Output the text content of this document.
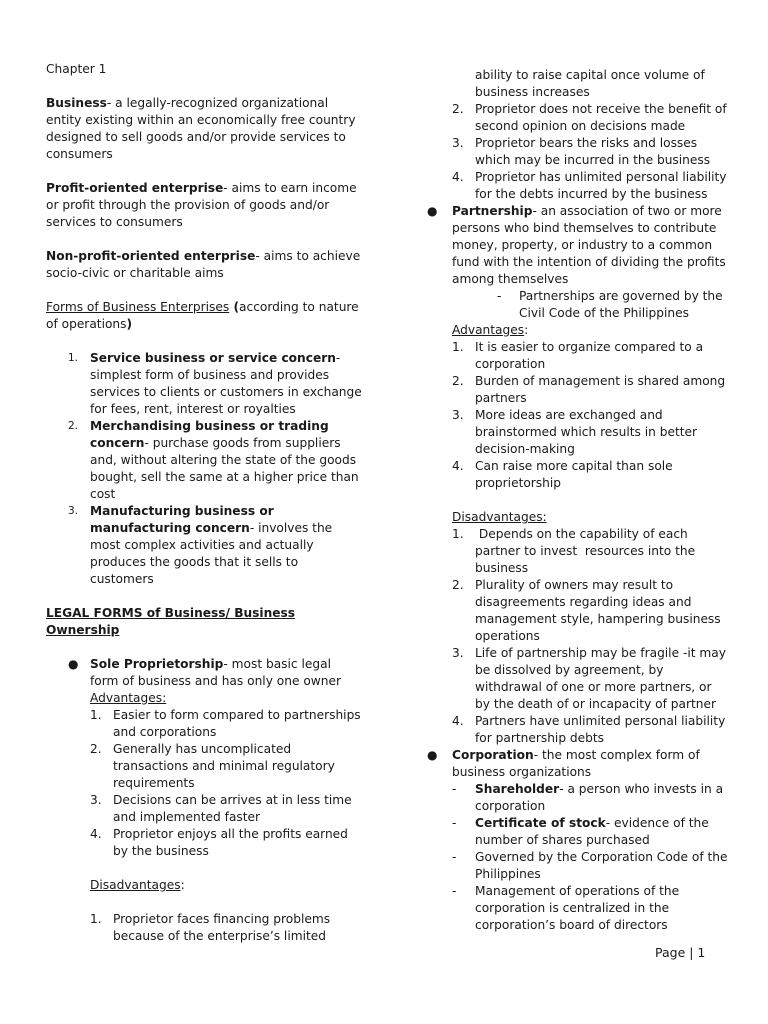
Chapter 1

Business- a legally-recognized organizational entity existing within an economically free country designed to sell goods and/or provide services to consumers

Profit-oriented enterprise- aims to earn income or profit through the provision of goods and/or services to consumers

Non-profit-oriented enterprise- aims to achieve socio-civic or charitable aims

Forms of Business Enterprises (according to nature of operations)

1. Service business or service concern- simplest form of business and provides services to clients or customers in exchange for fees, rent, interest or royalties
2. Merchandising business or trading concern- purchase goods from suppliers and, without altering the state of the goods bought, sell the same at a higher price than cost
3. Manufacturing business or manufacturing concern- involves the most complex activities and actually produces the goods that it sells to customers

LEGAL FORMS of Business/ Business Ownership

● Sole Proprietorship- most basic legal form of business and has only one owner Advantages:
1. Easier to form compared to partnerships and corporations
2. Generally has uncomplicated transactions and minimal regulatory requirements
3. Decisions can be arrives at in less time and implemented faster
4. Proprietor enjoys all the profits earned by the business

Disadvantages:

1. Proprietor faces financing problems because of the enterprise’s limited

ability to raise capital once volume of business increases

2. Proprietor does not receive the benefit of second opinion on decisions made
3. Proprietor bears the risks and losses which may be incurred in the business
4. Proprietor has unlimited personal liability for the debts incurred by the business
● Partnership- an association of two or more persons who bind themselves to contribute money, property, or industry to a common fund with the intention of dividing the profits among themselves

- Partnerships are governed by the Civil Code of the Philippines

Advantages:

1. It is easier to organize compared to a corporation
2. Burden of management is shared among partners
3. More ideas are exchanged and brainstormed which results in better decision-making
4. Can raise more capital than sole proprietorship

Disadvantages:

1. Depends on the capability of each partner to invest  resources into the business
2. Plurality of owners may result to disagreements regarding ideas and management style, hampering business operations
3. Life of partnership may be fragile -it may be dissolved by agreement, by withdrawal of one or more partners, or by the death of or incapacity of partner
4. Partners have unlimited personal liability for partnership debts
● Corporation- the most complex form of business organizations

- Shareholder- a person who invests in a corporation
- Certificate of stock- evidence of the number of shares purchased
- Governed by the Corporation Code of the Philippines
- Management of operations of the corporation is centralized in the corporation’s board of directors
Page | 1
